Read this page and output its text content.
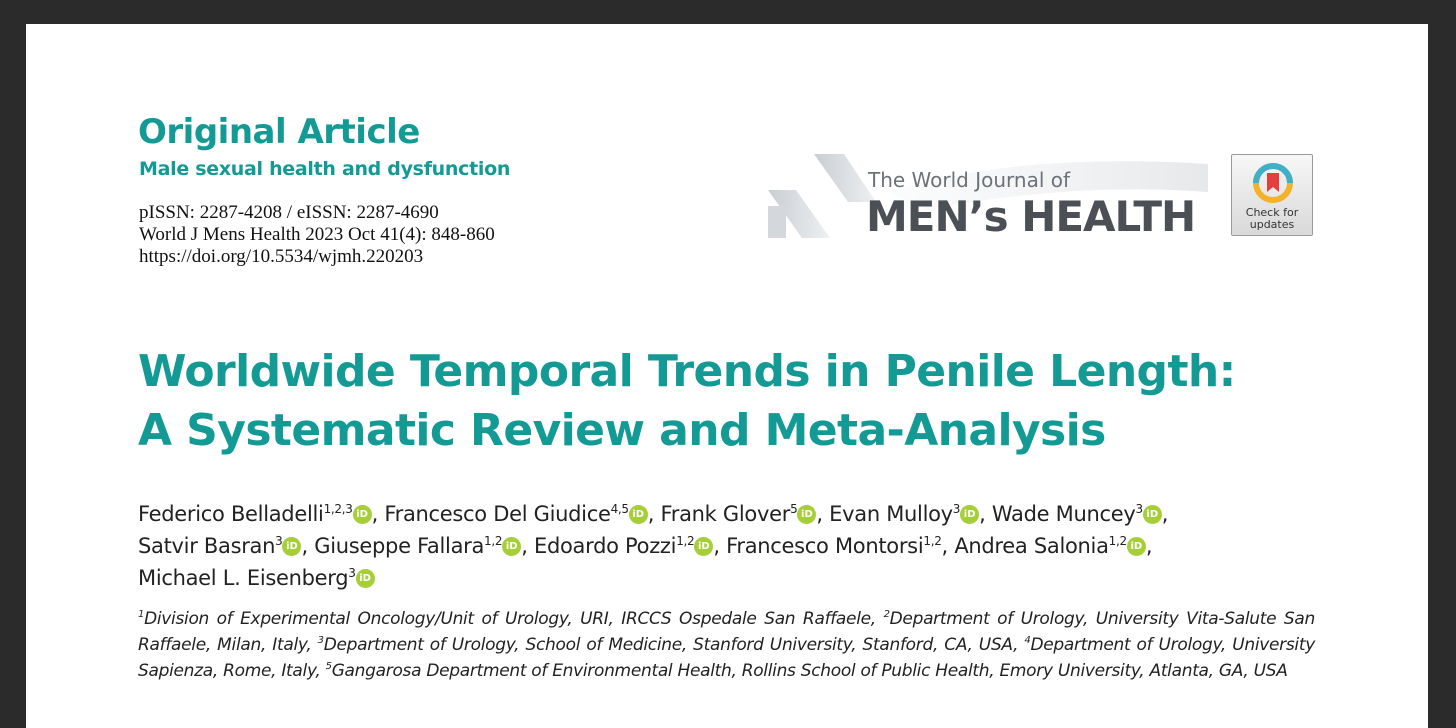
Original Article
Male sexual health and dysfunction
pISSN: 2287-4208 / eISSN: 2287-4690
World J Mens Health 2023 Oct 41(4): 848-860
https://doi.org/10.5534/wjmh.220203
The World Journal of
MEN’s HEALTH	Check for
updates
Worldwide Temporal Trends in Penile Length:
A Systematic Review and Meta-Analysis
Federico Belladelli$^{1,2,3}$ iD , Francesco Del Giudice$^{4,5}$ iD , Frank Glover$^5$ iD , Evan Mulloy$^3$ iD , Wade Muncey$^3$ iD ,
Satvir Basran$^3$ iD , Giuseppe Fallara$^{1,2}$ iD , Edoardo Pozzi$^{1,2}$ iD , Francesco Montorsi$^{1,2}$, Andrea Salonia$^{1,2}$ iD ,
Michael L. Eisenberg$^3$ iD
$^1$Division of Experimental Oncology/Unit of Urology, URI, IRCCS Ospedale San Raffaele, $^2$Department of Urology, University Vita-Salute San Raffaele, Milan, Italy, $^3$Department of Urology, School of Medicine, Stanford University, Stanford, CA, USA, $^4$Department of Urology, University Sapienza, Rome, Italy, $^5$Gangarosa Department of Environmental Health, Rollins School of Public Health, Emory University, Atlanta, GA, USA
